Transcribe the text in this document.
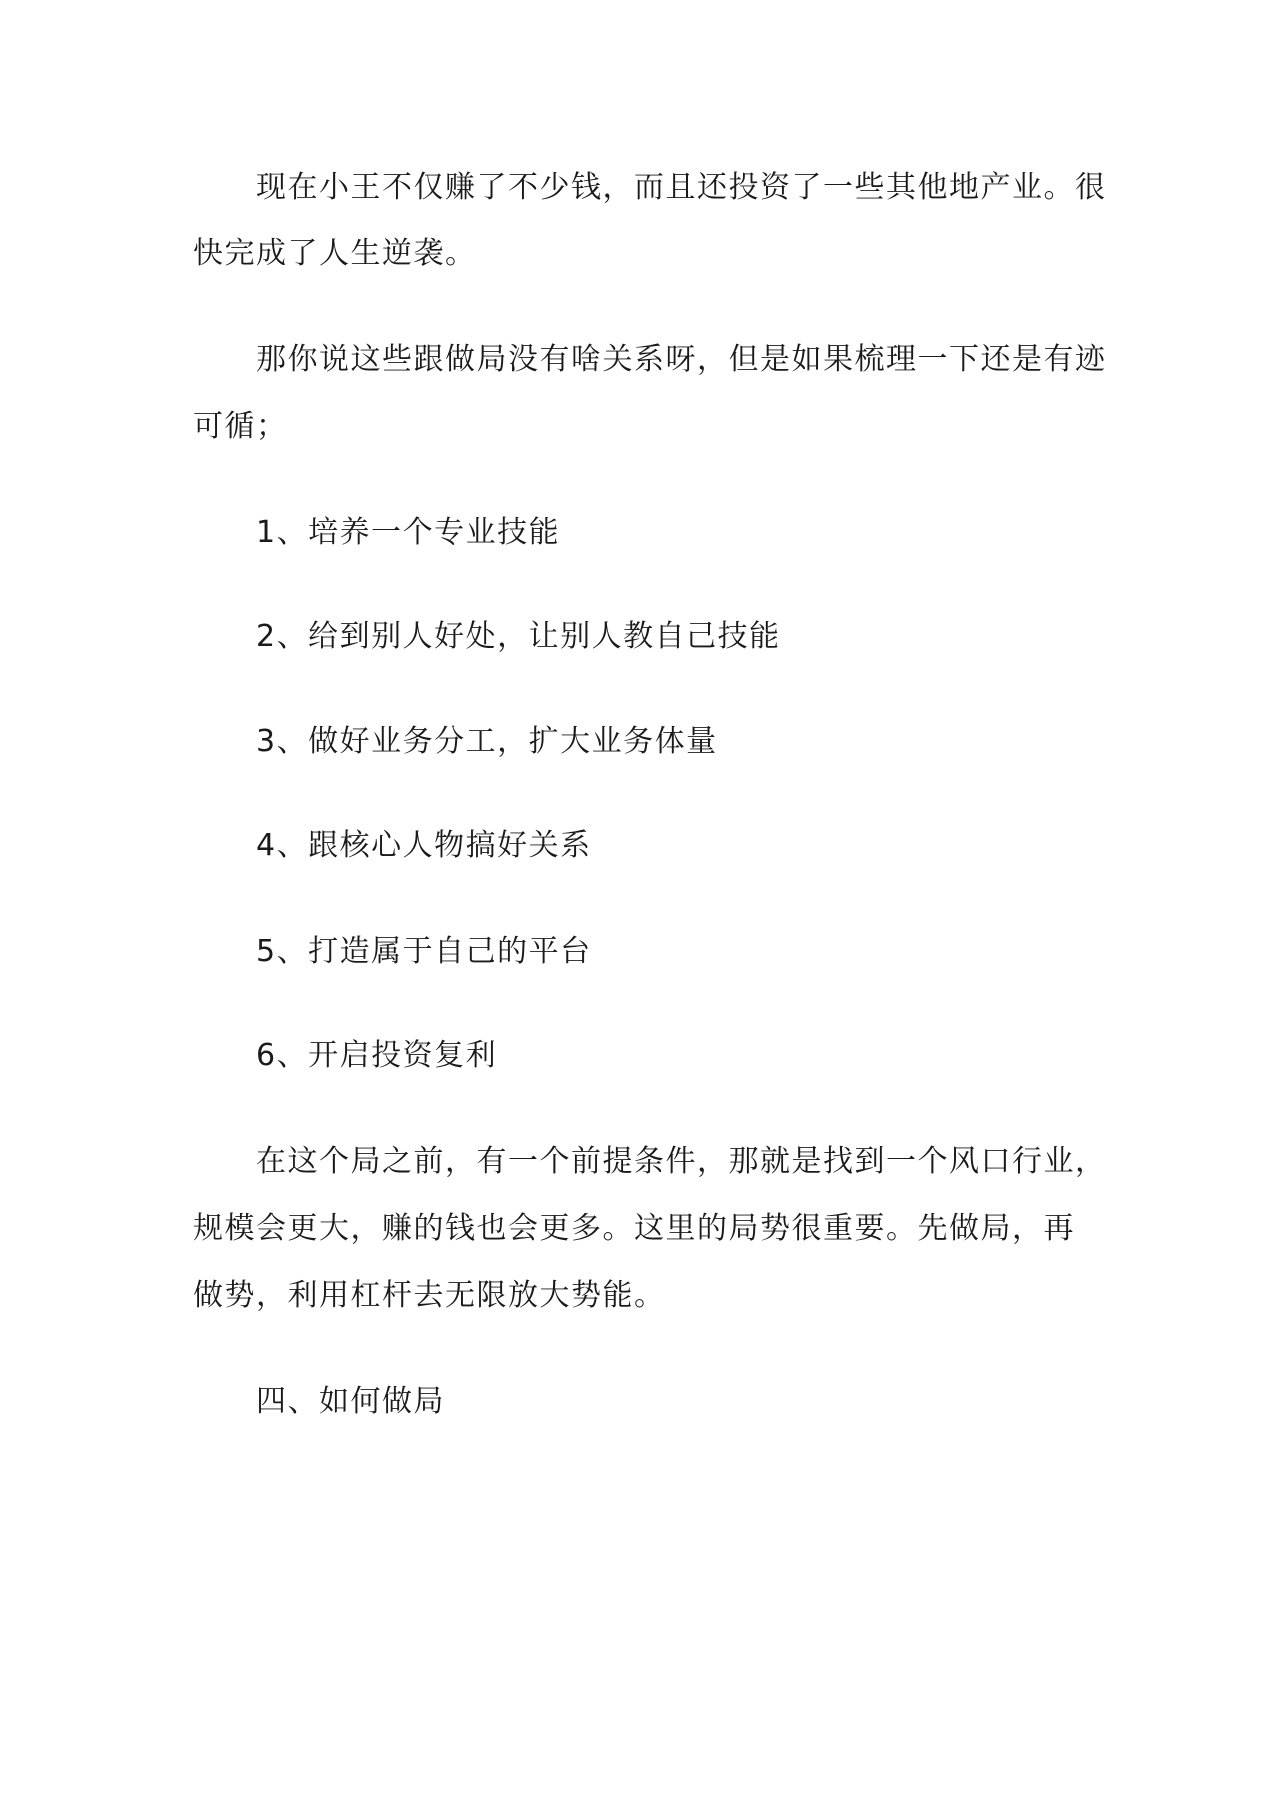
　　现在小王不仅赚了不少钱，而且还投资了一些其他地产业。很
快完成了人生逆袭。
　　那你说这些跟做局没有啥关系呀，但是如果梳理一下还是有迹
可循；
　　1、培养一个专业技能
　　2、给到别人好处，让别人教自己技能
　　3、做好业务分工，扩大业务体量
　　4、跟核心人物搞好关系
　　5、打造属于自己的平台
　　6、开启投资复利
　　在这个局之前，有一个前提条件，那就是找到一个风口行业，
规模会更大，赚的钱也会更多。这里的局势很重要。先做局，再
做势，利用杠杆去无限放大势能。
　　四、如何做局
